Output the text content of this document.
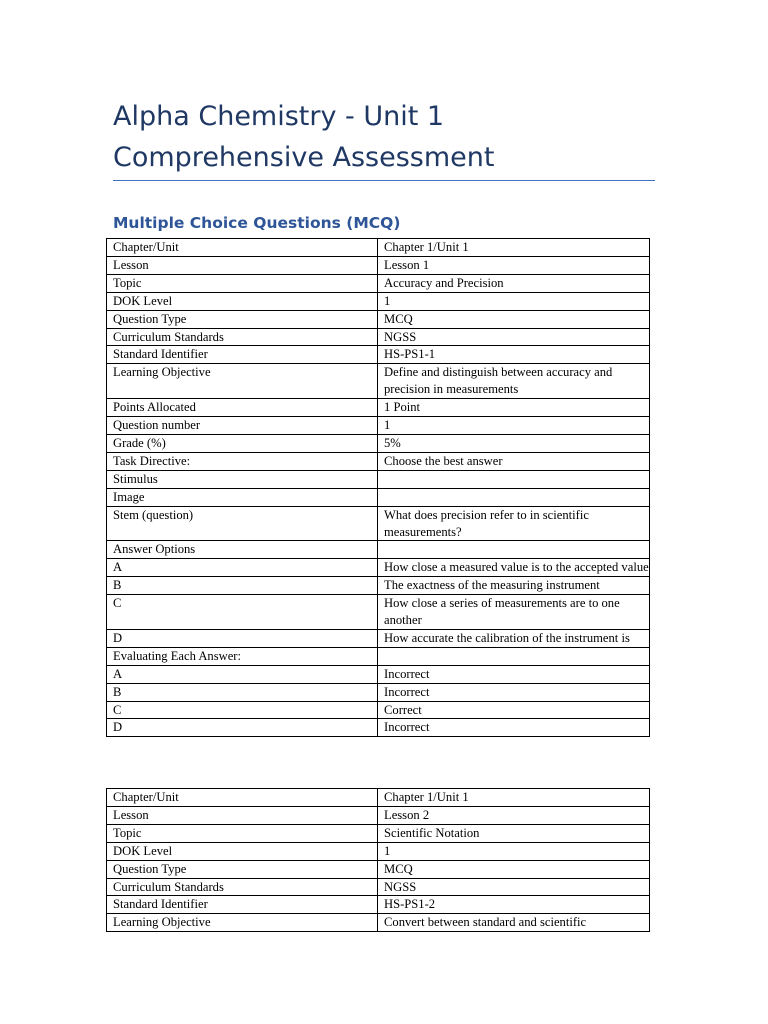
Alpha Chemistry - Unit 1
Comprehensive Assessment
Multiple Choice Questions (MCQ)
Chapter/Unit	Chapter 1/Unit 1
Lesson	Lesson 1
Topic	Accuracy and Precision
DOK Level	1
Question Type	MCQ
Curriculum Standards	NGSS
Standard Identifier	HS-PS1-1
Learning Objective	Define and distinguish between accuracy and precision in measurements
Points Allocated	1 Point
Question number	1
Grade (%)	5%
Task Directive:	Choose the best answer
Stimulus	
Image	
Stem (question)	What does precision refer to in scientific measurements?
Answer Options	
A	How close a measured value is to the accepted value
B	The exactness of the measuring instrument
C	How close a series of measurements are to one another
D	How accurate the calibration of the instrument is
Evaluating Each Answer:	
A	Incorrect
B	Incorrect
C	Correct
D	Incorrect
Chapter/Unit	Chapter 1/Unit 1
Lesson	Lesson 2
Topic	Scientific Notation
DOK Level	1
Question Type	MCQ
Curriculum Standards	NGSS
Standard Identifier	HS-PS1-2
Learning Objective	Convert between standard and scientific
